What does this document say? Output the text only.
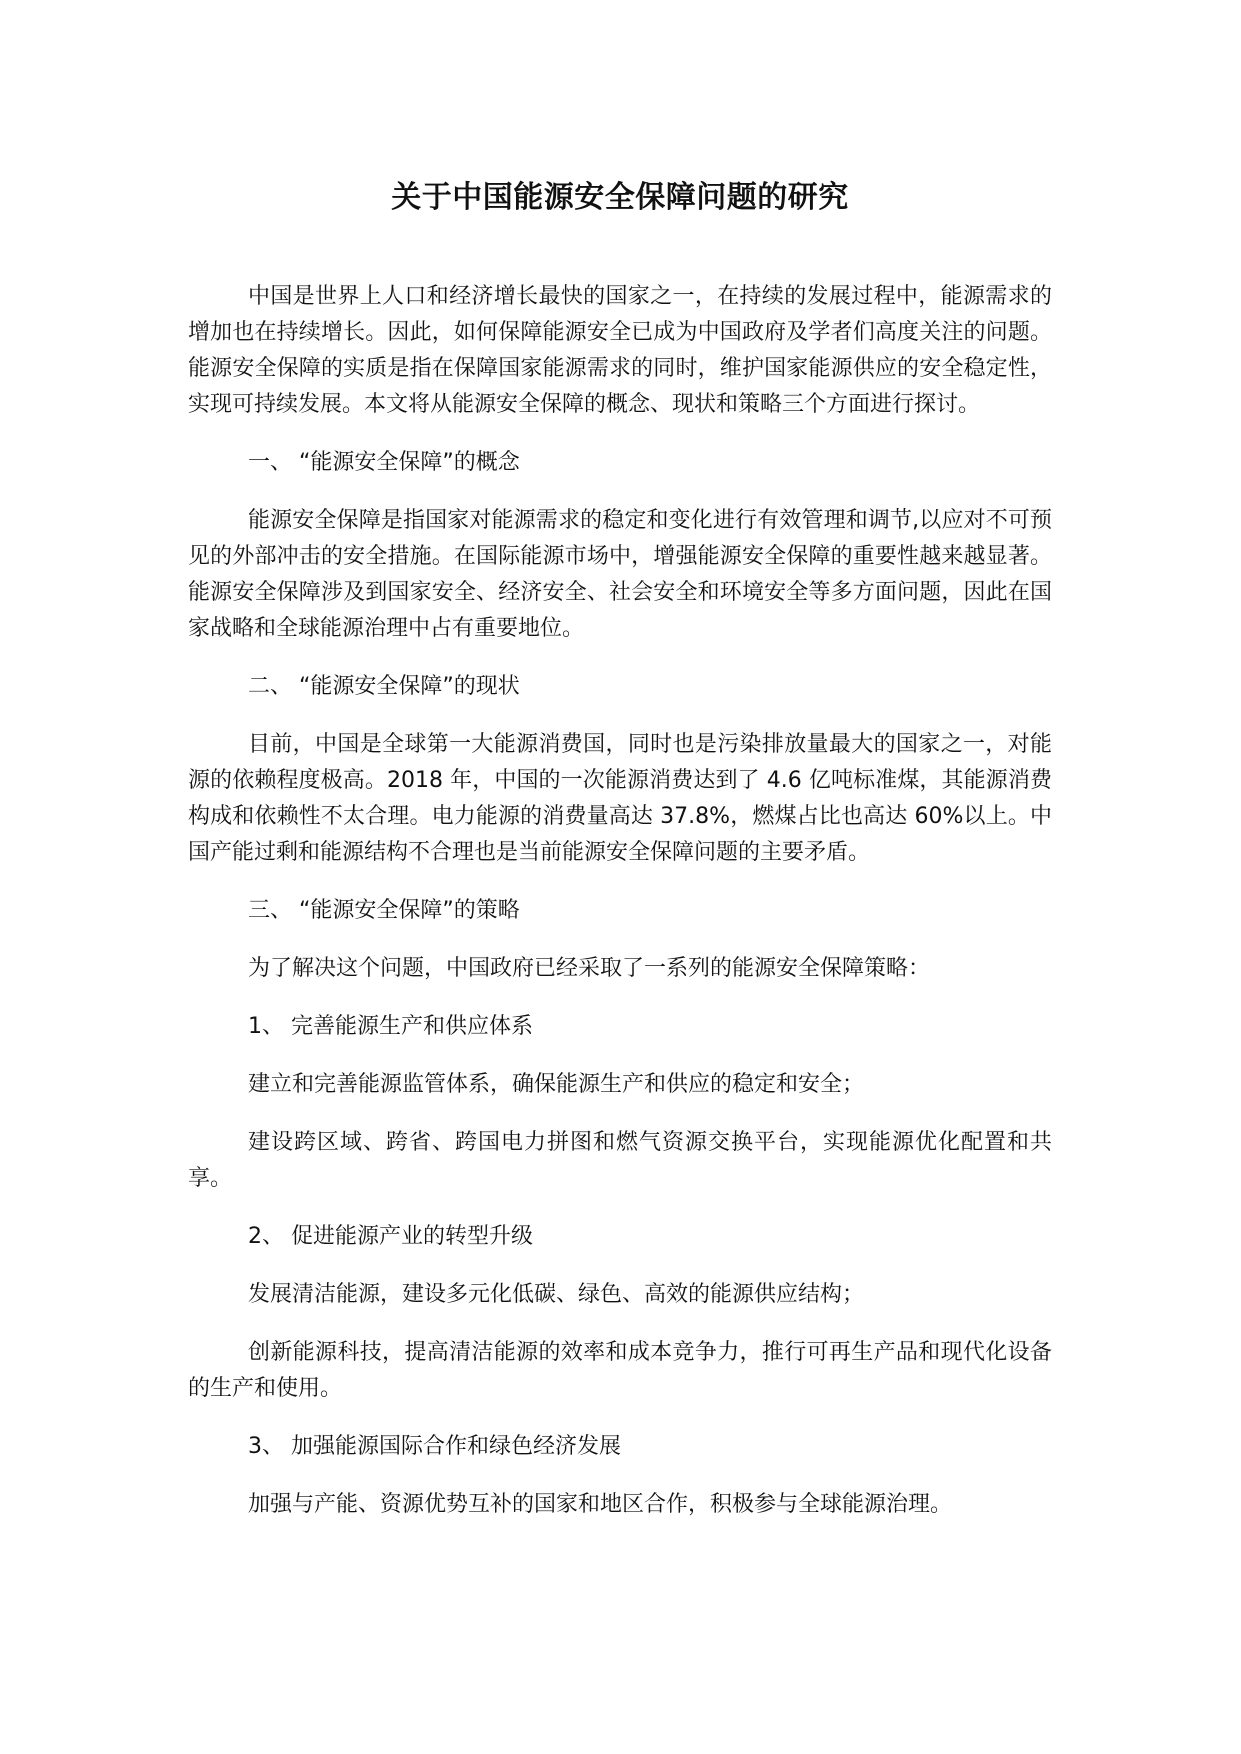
关于中国能源安全保障问题的研究

中国是世界上人口和经济增长最快的国家之一，在持续的发展过程中，能源需求的增加也在持续增长。因此，如何保障能源安全已成为中国政府及学者们高度关注的问题。能源安全保障的实质是指在保障国家能源需求的同时，维护国家能源供应的安全稳定性，实现可持续发展。本文将从能源安全保障的概念、现状和策略三个方面进行探讨。

一、 “能源安全保障”的概念

能源安全保障是指国家对能源需求的稳定和变化进行有效管理和调节,以应对不可预见的外部冲击的安全措施。在国际能源市场中，增强能源安全保障的重要性越来越显著。能源安全保障涉及到国家安全、经济安全、社会安全和环境安全等多方面问题，因此在国家战略和全球能源治理中占有重要地位。

二、 “能源安全保障”的现状

目前，中国是全球第一大能源消费国，同时也是污染排放量最大的国家之一，对能源的依赖程度极高。2018 年，中国的一次能源消费达到了 4.6 亿吨标准煤，其能源消费构成和依赖性不太合理。电力能源的消费量高达 37.8%，燃煤占比也高达 60%以上。中国产能过剩和能源结构不合理也是当前能源安全保障问题的主要矛盾。

三、 “能源安全保障”的策略

为了解决这个问题，中国政府已经采取了一系列的能源安全保障策略：

1、 完善能源生产和供应体系

建立和完善能源监管体系，确保能源生产和供应的稳定和安全；

建设跨区域、跨省、跨国电力拼图和燃气资源交换平台，实现能源优化配置和共享。

2、 促进能源产业的转型升级

发展清洁能源，建设多元化低碳、绿色、高效的能源供应结构；

创新能源科技，提高清洁能源的效率和成本竞争力，推行可再生产品和现代化设备的生产和使用。

3、 加强能源国际合作和绿色经济发展

加强与产能、资源优势互补的国家和地区合作，积极参与全球能源治理。
